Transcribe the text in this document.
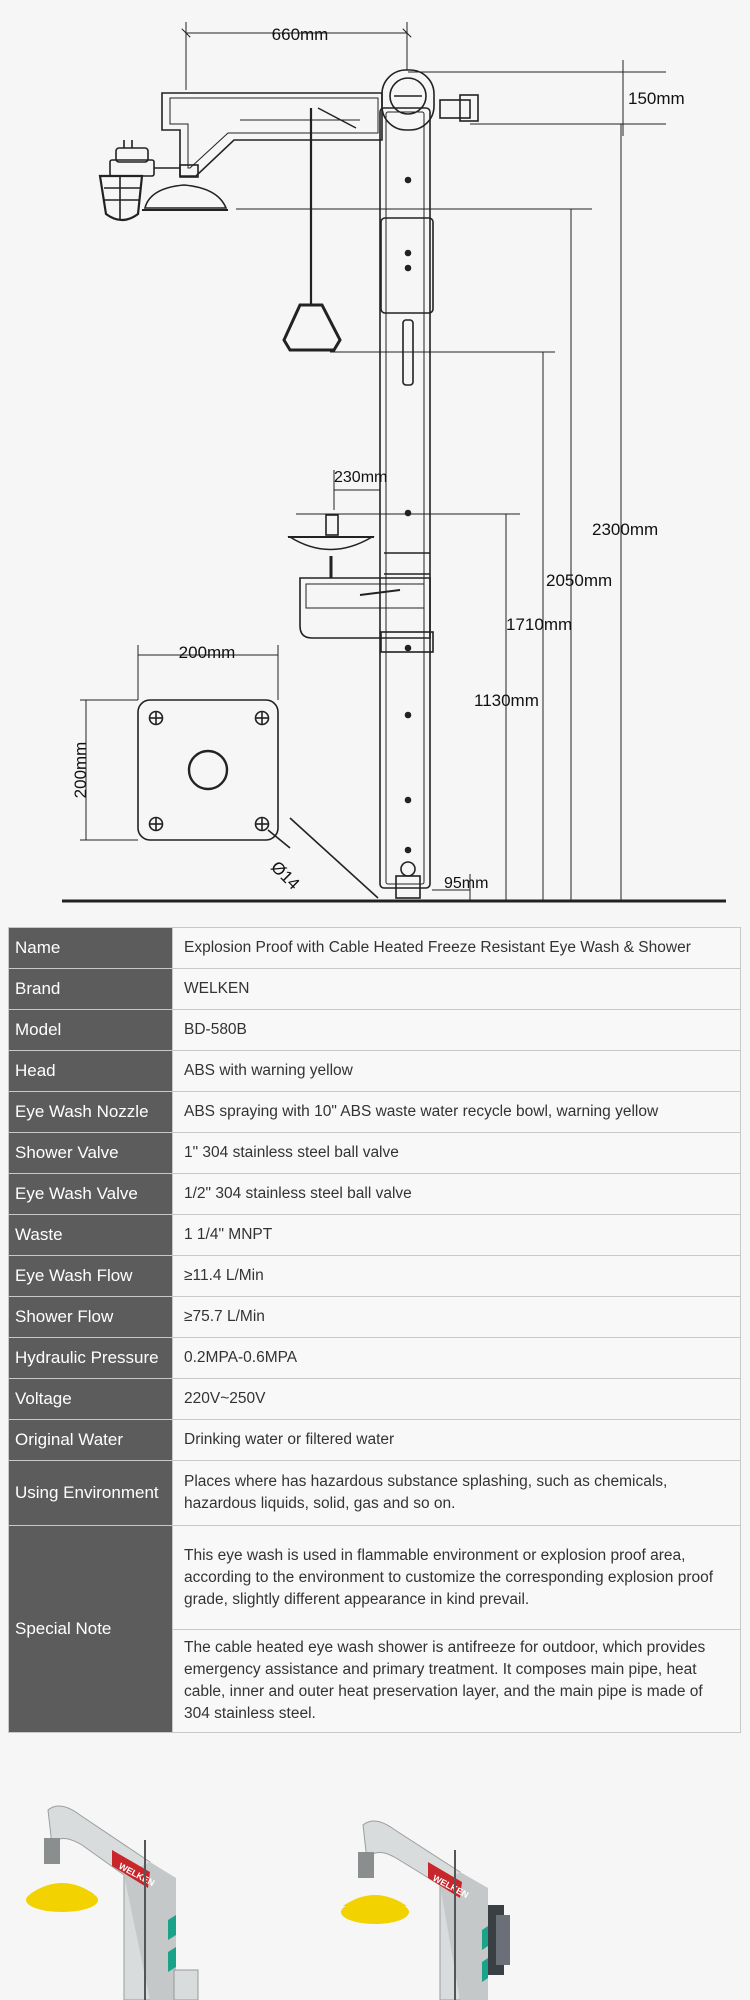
660mm
150mm
230mm
2300mm
2050mm
1710mm
1130mm
200mm
200mm
Ø14	95mm
Name	Explosion Proof with Cable Heated Freeze Resistant Eye Wash & Shower
Brand	WELKEN
Model	BD-580B
Head	ABS with warning yellow
Eye Wash Nozzle	ABS spraying with 10" ABS waste water recycle bowl, warning yellow
Shower Valve	1" 304 stainless steel ball valve
Eye Wash Valve	1/2" 304 stainless steel ball valve
Waste	1 1/4" MNPT
Eye Wash Flow	≥11.4 L/Min
Shower Flow	≥75.7 L/Min
Hydraulic Pressure	0.2MPA-0.6MPA
Voltage	220V~250V
Original Water	Drinking water or filtered water
Using Environment	Places where has hazardous substance splashing, such as chemicals, hazardous liquids, solid, gas and so on.
Special Note	This eye wash is used in flammable environment or explosion proof area, according to the environment to customize the corresponding explosion proof grade, slightly different appearance in kind prevail.
	The cable heated eye wash shower is antifreeze for outdoor, which provides emergency assistance and primary treatment. It composes main pipe, heat cable, inner and outer heat preservation layer, and the main pipe is made of 304 stainless steel.
WELKEN	WELKEN
